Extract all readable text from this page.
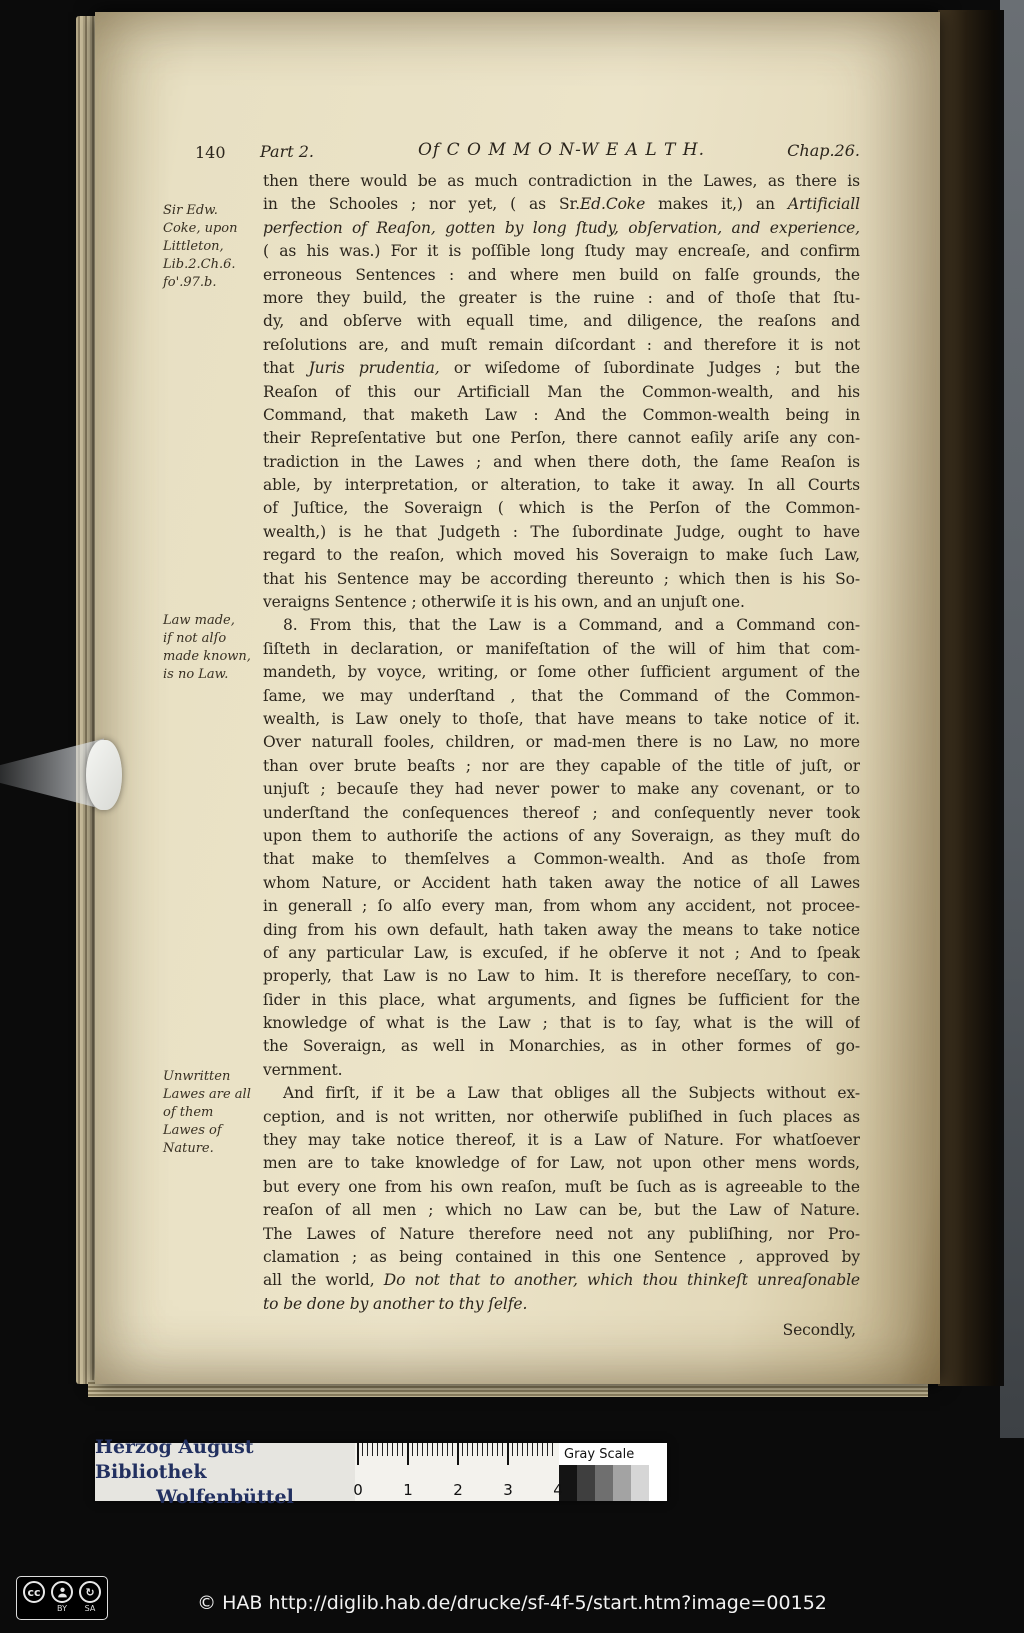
140 Part 2.	Of C O M M O N-W E A L T H.	Chap.26.
Sir Edw.
Coke, upon
Littleton,
Lib.2.Ch.6.
fo'.97.b.
Law made,
if not alſo
made known,
is no Law.
Unwritten
Lawes are all
of them
Lawes of
Nature.
then there would be as much contradiction in the Lawes, as there is
in the Schooles ; nor yet, ( as Sr.Ed.Coke makes it,) an Artificiall
perfection of Reaſon, gotten by long ſtudy, obſervation, and experience,
( as his was.) For it is poſſible long ſtudy may encreaſe, and confirm
erroneous Sentences : and where men build on falſe grounds, the
more they build, the greater is the ruine : and of thoſe that ſtu-
dy, and obſerve with equall time, and diligence, the reaſons and
reſolutions are, and muſt remain diſcordant : and therefore it is not
that Juris prudentia, or wiſedome of ſubordinate Judges ; but the
Reaſon of this our Artificiall Man the Common-wealth, and his
Command, that maketh Law : And the Common-wealth being in
their Repreſentative but one Perſon, there cannot eaſily ariſe any con-
tradiction in the Lawes ; and when there doth, the ſame Reaſon is
able, by interpretation, or alteration, to take it away. In all Courts
of Juſtice, the Soveraign ( which is the Perſon of the Common-
wealth,) is he that Judgeth : The ſubordinate Judge, ought to have
regard to the reaſon, which moved his Soveraign to make ſuch Law,
that his Sentence may be according thereunto ; which then is his So-
veraigns Sentence ; otherwiſe it is his own, and an unjuſt one.
8. From this, that the Law is a Command, and a Command con-
ſiſteth in declaration, or manifeſtation of the will of him that com-
mandeth, by voyce, writing, or ſome other ſufficient argument of the
ſame, we may underſtand , that the Command of the Common-
wealth, is Law onely to thoſe, that have means to take notice of it.
Over naturall fooles, children, or mad-men there is no Law, no more
than over brute beaſts ; nor are they capable of the title of juſt, or
unjuſt ; becauſe they had never power to make any covenant, or to
underſtand the conſequences thereof ; and conſequently never took
upon them to authoriſe the actions of any Soveraign, as they muſt do
that make to themſelves a Common-wealth. And as thoſe from
whom Nature, or Accident hath taken away the notice of all Lawes
in generall ; ſo alſo every man, from whom any accident, not procee-
ding from his own default, hath taken away the means to take notice
of any particular Law, is excuſed, if he obſerve it not ; And to ſpeak
properly, that Law is no Law to him. It is therefore neceſſary, to con-
ſider in this place, what arguments, and ſignes be ſufficient for the
knowledge of what is the Law ; that is to ſay, what is the will of
the Soveraign, as well in Monarchies, as in other formes of go-
vernment.
And firſt, if it be a Law that obliges all the Subjects without ex-
ception, and is not written, nor otherwiſe publiſhed in ſuch places as
they may take notice thereof, it is a Law of Nature. For whatſoever
men are to take knowledge of for Law, not upon other mens words,
but every one from his own reaſon, muſt be ſuch as is agreeable to the
reaſon of all men ; which no Law can be, but the Law of Nature.
The Lawes of Nature therefore need not any publiſhing, nor Pro-
clamation ; as being contained in this one Sentence , approved by
all the world, Do not that to another, which thou thinkeſt unreaſonable
to be done by another to thy ſelfe.
Secondly,
Herzog August Bibliothek
Wolfenbüttel	0	1	2	3	4
Gray Scale
cc
BY
↻
SA	© HAB http://diglib.hab.de/drucke/sf-4f-5/start.htm?image=00152
